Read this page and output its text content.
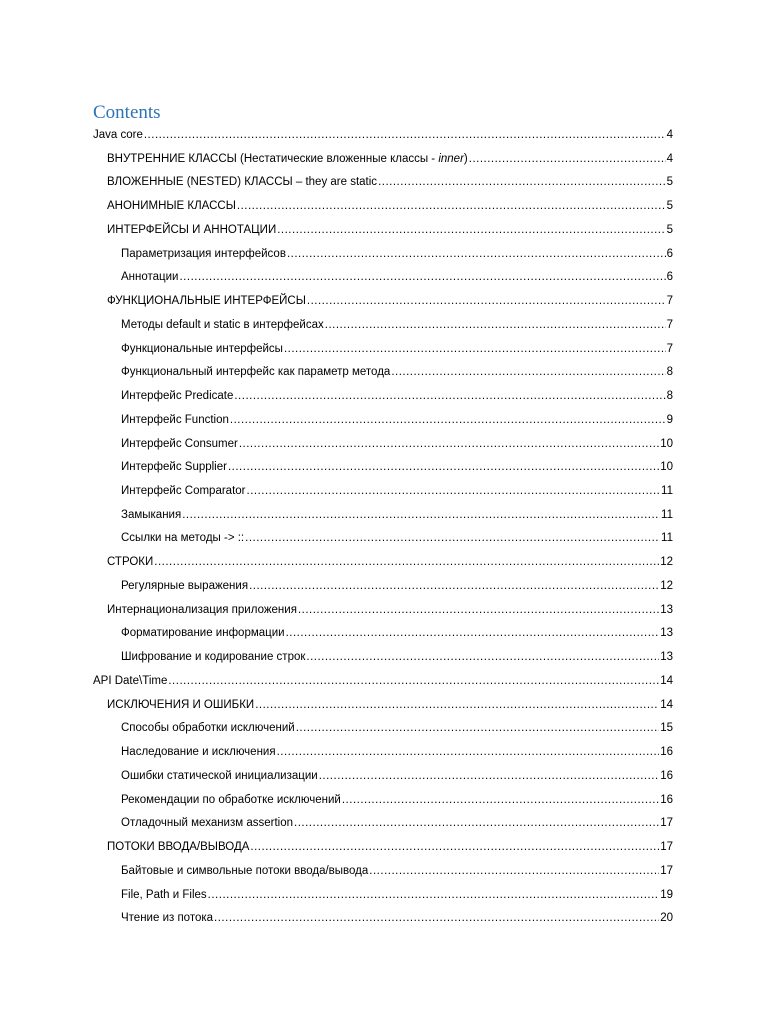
Contents
Java core .....	4
ВНУТРЕННИЕ КЛАССЫ (Нестатические вложенные классы - inner) .....	4
ВЛОЖЕННЫЕ (NESTED) КЛАССЫ – they are static .....	5
АНОНИМНЫЕ КЛАССЫ .....	5
ИНТЕРФЕЙСЫ И АННОТАЦИИ .....	5
Параметризация интерфейсов .....	6
Аннотации .....	6
ФУНКЦИОНАЛЬНЫЕ ИНТЕРФЕЙСЫ .....	7
Методы default и static в интерфейсах .....	7
Функциональные интерфейсы .....	7
Функциональный интерфейс как параметр метода .....	8
Интерфейс Predicate .....	8
Интерфейс Function .....	9
Интерфейс Consumer .....	10
Интерфейс Supplier .....	10
Интерфейс Comparator .....	11
Замыкания .....	11
Ссылки на методы -> :: .....	11
СТРОКИ .....	12
Регулярные выражения .....	12
Интернационализация приложения .....	13
Форматирование информации .....	13
Шифрование и кодирование строк .....	13
API Date\Time .....	14
ИСКЛЮЧЕНИЯ И ОШИБКИ .....	14
Способы обработки исключений .....	15
Наследование и исключения .....	16
Ошибки статической инициализации .....	16
Рекомендации по обработке исключений .....	16
Отладочный механизм assertion .....	17
ПОТОКИ ВВОДА/ВЫВОДА .....	17
Байтовые и символьные потоки ввода/вывода .....	17
File, Path и Files .....	19
Чтение из потока .....	20
